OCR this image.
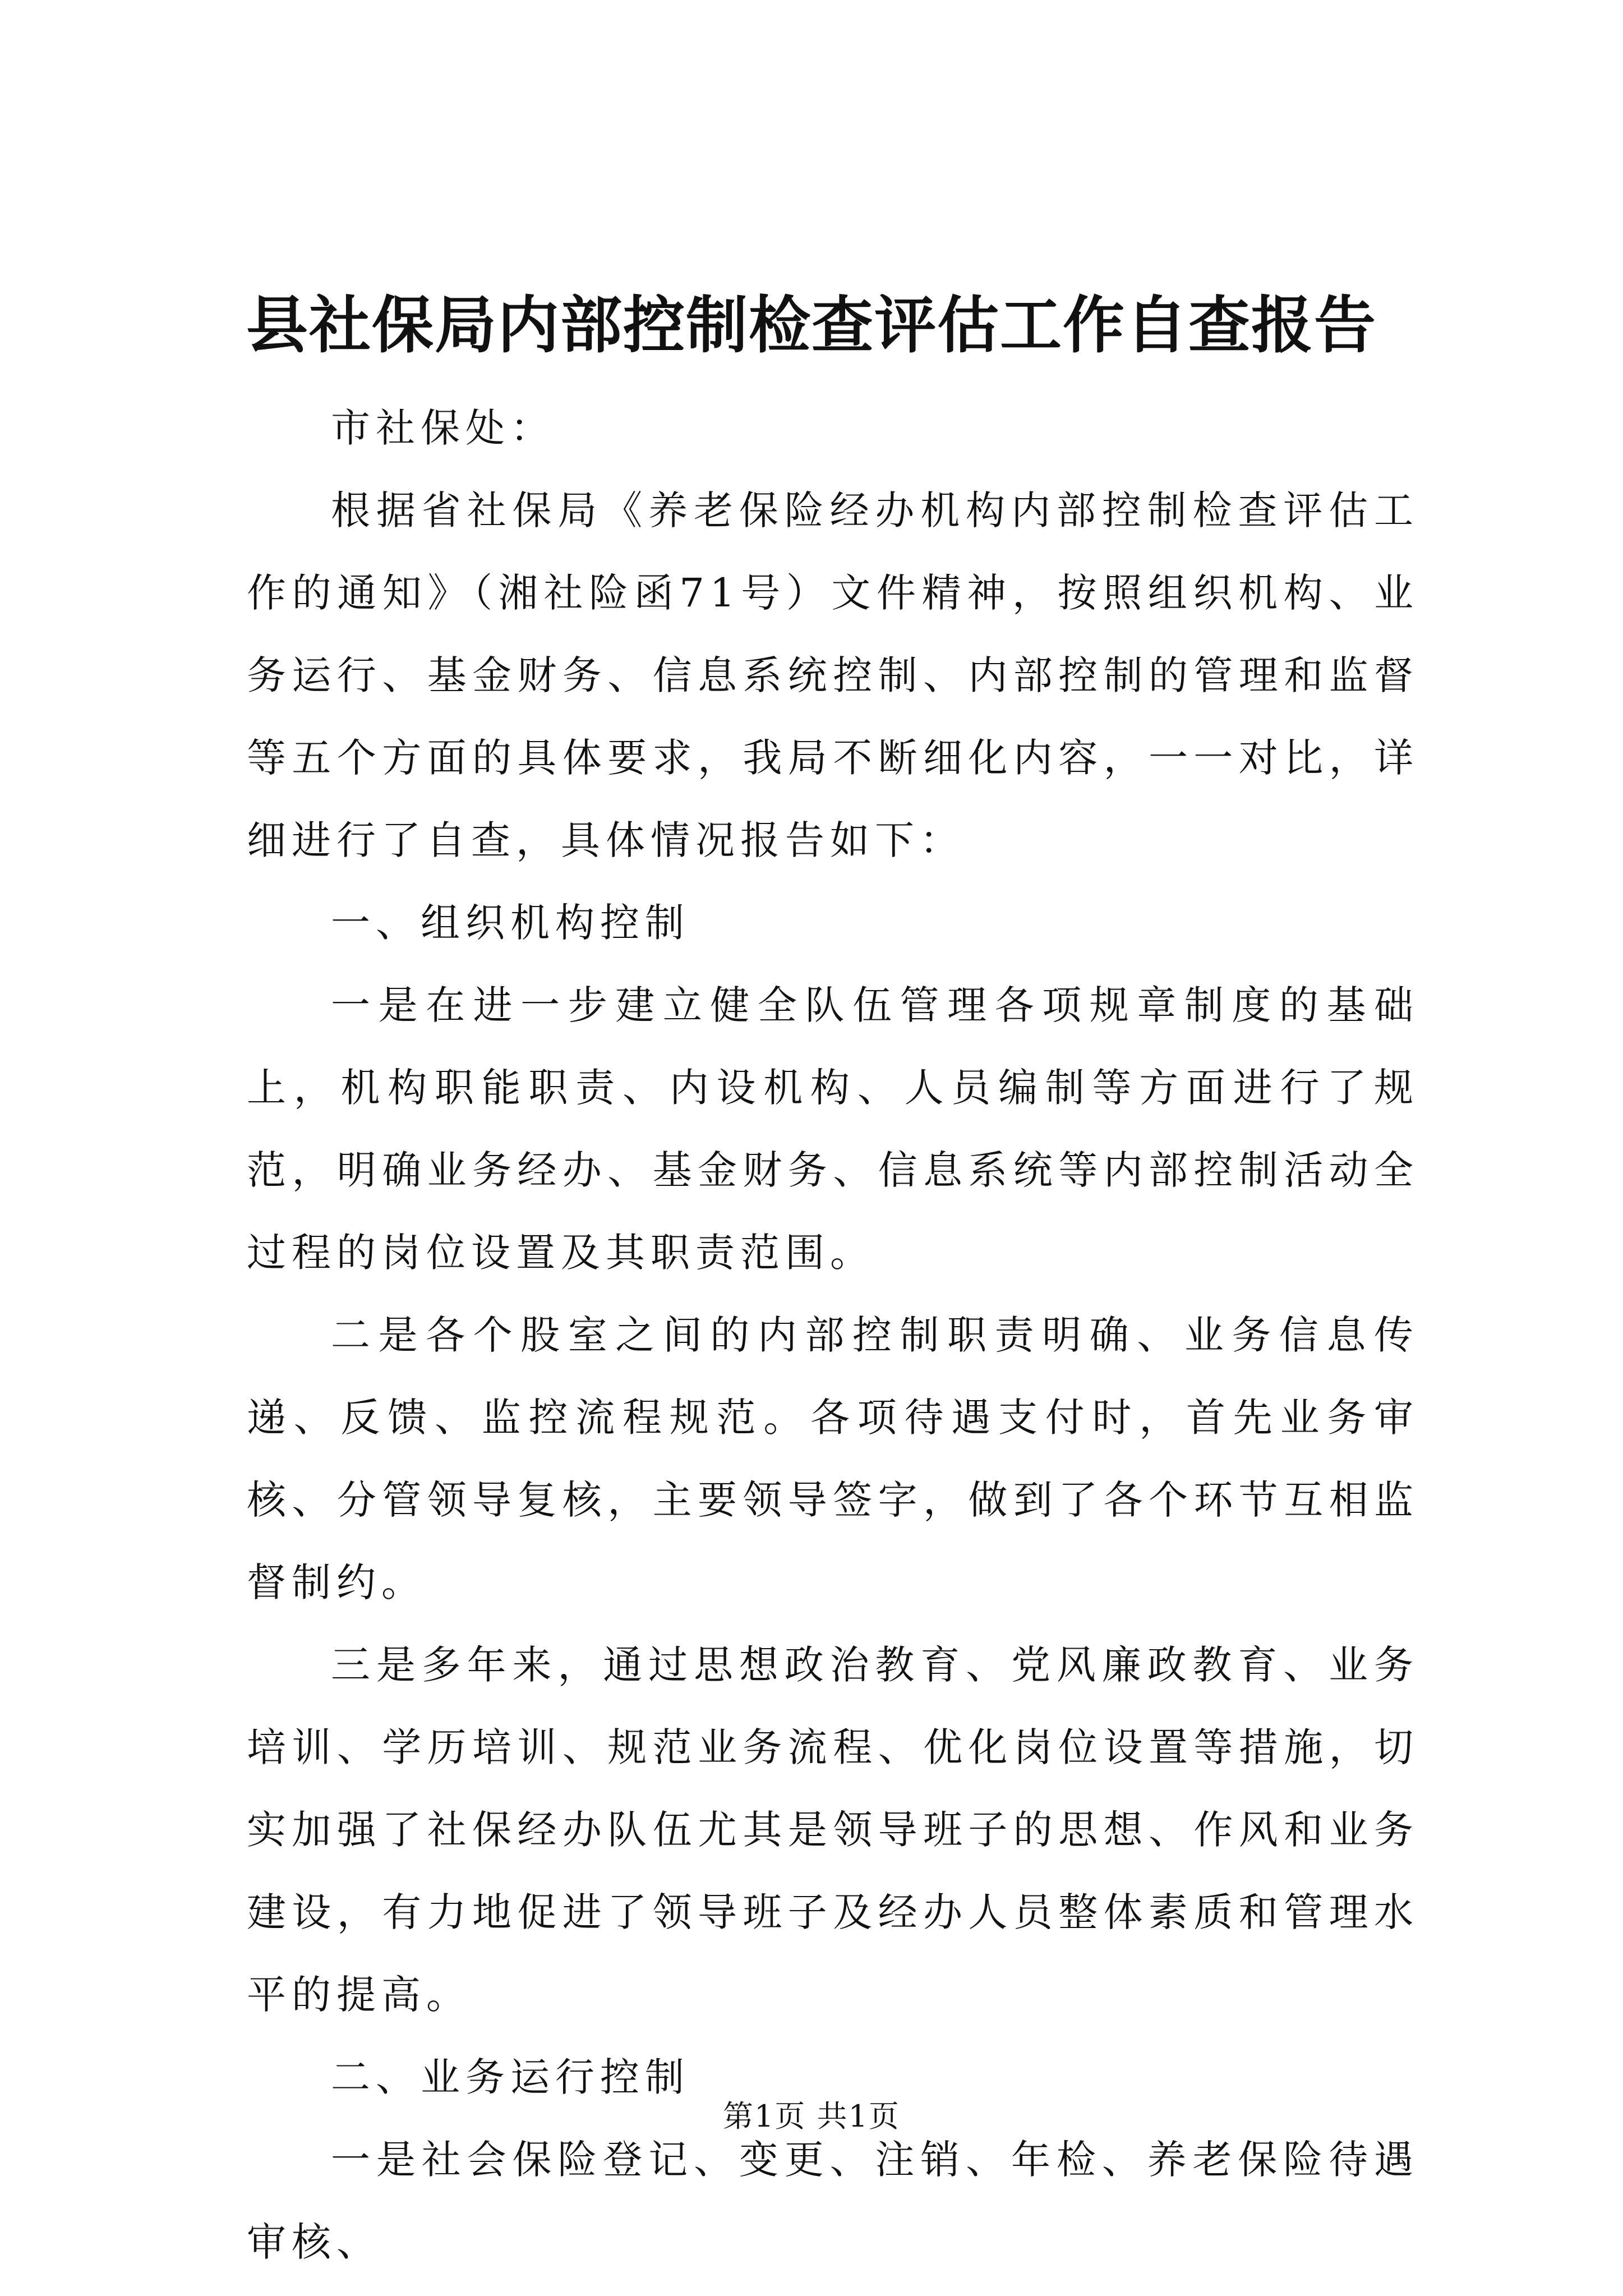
县社保局内部控制检查评估工作自查报告

市社保处：

根据省社保局《养老保险经办机构内部控制检查评估工作的通知》（湘社险函71号）文件精神，按照组织机构、业务运行、基金财务、信息系统控制、内部控制的管理和监督等五个方面的具体要求，我局不断细化内容，一一对比，详细进行了自查，具体情况报告如下：

一、组织机构控制

一是在进一步建立健全队伍管理各项规章制度的基础上，机构职能职责、内设机构、人员编制等方面进行了规范，明确业务经办、基金财务、信息系统等内部控制活动全过程的岗位设置及其职责范围。

二是各个股室之间的内部控制职责明确、业务信息传递、反馈、监控流程规范。各项待遇支付时，首先业务审核、分管领导复核，主要领导签字，做到了各个环节互相监督制约。

三是多年来，通过思想政治教育、党风廉政教育、业务培训、学历培训、规范业务流程、优化岗位设置等措施，切实加强了社保经办队伍尤其是领导班子的思想、作风和业务建设，有力地促进了领导班子及经办人员整体素质和管理水平的提高。

二、业务运行控制

一是社会保险登记、变更、注销、年检、养老保险待遇审核、

第1页 共1页
